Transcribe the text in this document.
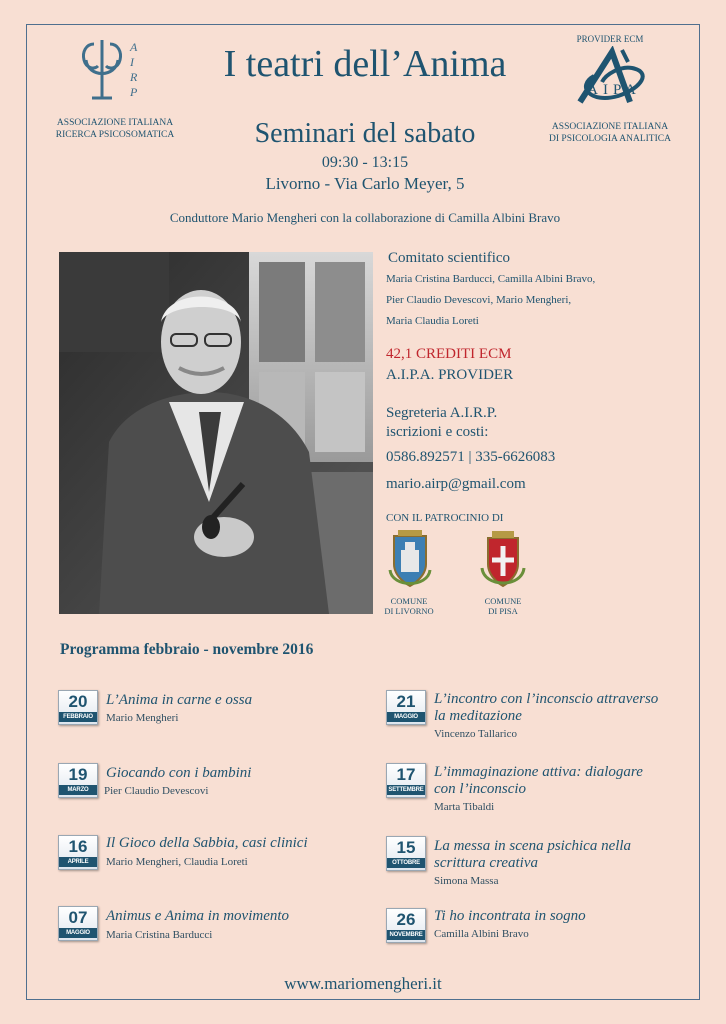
AIRP
ASSOCIAZIONE ITALIANA
RICERCA PSICOSOMATICA
PROVIDER ECM
AIPA
ASSOCIAZIONE ITALIANA
DI PSICOLOGIA ANALITICA
I teatri dell’Anima
Seminari del sabato
09:30 - 13:15
Livorno - Via Carlo Meyer, 5
Conduttore Mario Mengheri con la collaborazione di Camilla Albini Bravo
Comitato scientifico
Maria Cristina Barducci, Camilla Albini Bravo,
Pier Claudio Devescovi, Mario Mengheri,
Maria Claudia Loreti
42,1 CREDITI ECM
A.I.P.A. PROVIDER
Segreteria A.I.R.P.
iscrizioni e costi:
0586.892571 | 335-6626083
mario.airp@gmail.com
CON IL PATROCINIO DI
COMUNE
DI LIVORNO
COMUNE
DI PISA
Programma febbraio - novembre 2016
20
FEBBRAIO
L’Anima in carne e ossa
Mario Mengheri
19
MARZO
Giocando con i bambini
Pier Claudio Devescovi
16
APRILE
Il Gioco della Sabbia, casi clinici
Mario Mengheri, Claudia Loreti
07
MAGGIO
Animus e Anima in movimento
Maria Cristina Barducci
21
MAGGIO
L’incontro con l’inconscio attraverso
la meditazione
Vincenzo Tallarico
17
SETTEMBRE
L’immaginazione attiva: dialogare
con l’inconscio
Marta Tibaldi
15
OTTOBRE
La messa in scena psichica nella
scrittura creativa
Simona Massa
26
NOVEMBRE
Ti ho incontrata in sogno
Camilla Albini Bravo
www.mariomengheri.it
